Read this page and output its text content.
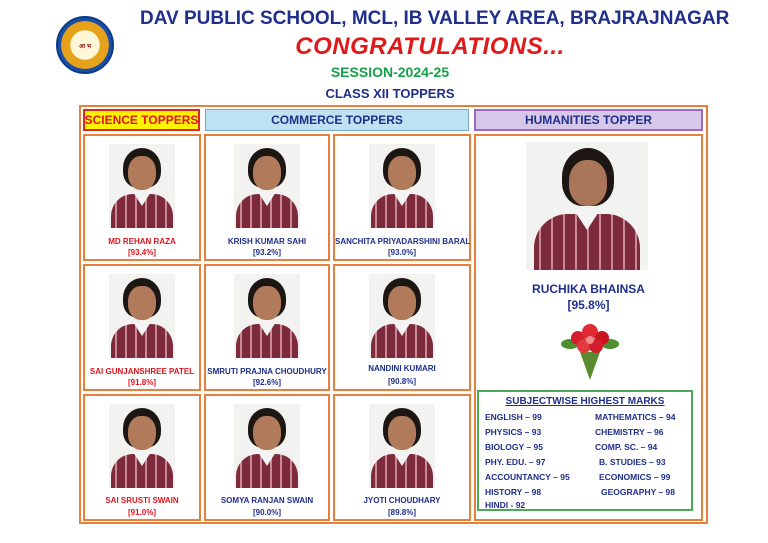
आ भ
DAV PUBLIC SCHOOL, MCL, IB VALLEY AREA, BRAJRAJNAGAR
CONGRATULATIONS...
SESSION-2024-25
CLASS XII TOPPERS
SCIENCE TOPPERS	COMMERCE TOPPERS	HUMANITIES TOPPER
MD REHAN RAZA
[93.4%]
KRISH KUMAR SAHI
[93.2%]
SANCHITA PRIYADARSHINI BARAL
[93.0%]
SAI GUNJANSHREE PATEL
[91.8%]
SMRUTI PRAJNA CHOUDHURY
[92.6%]
NANDINI KUMARI
[90.8%]
SAI SRUSTI SWAIN
[91.0%]
SOMYA RANJAN SWAIN
[90.0%]
JYOTI CHOUDHARY
[89.8%]
RUCHIKA BHAINSA
[95.8%]
SUBJECTWISE HIGHEST MARKS
ENGLISH – 99	MATHEMATICS – 94
PHYSICS – 93	CHEMISTRY – 96
BIOLOGY – 95	COMP. SC. – 94
PHY. EDU. – 97	B. STUDIES – 93
ACCOUNTANCY – 95	ECONOMICS – 99
HISTORY – 98	GEOGRAPHY – 98
HINDI - 92
